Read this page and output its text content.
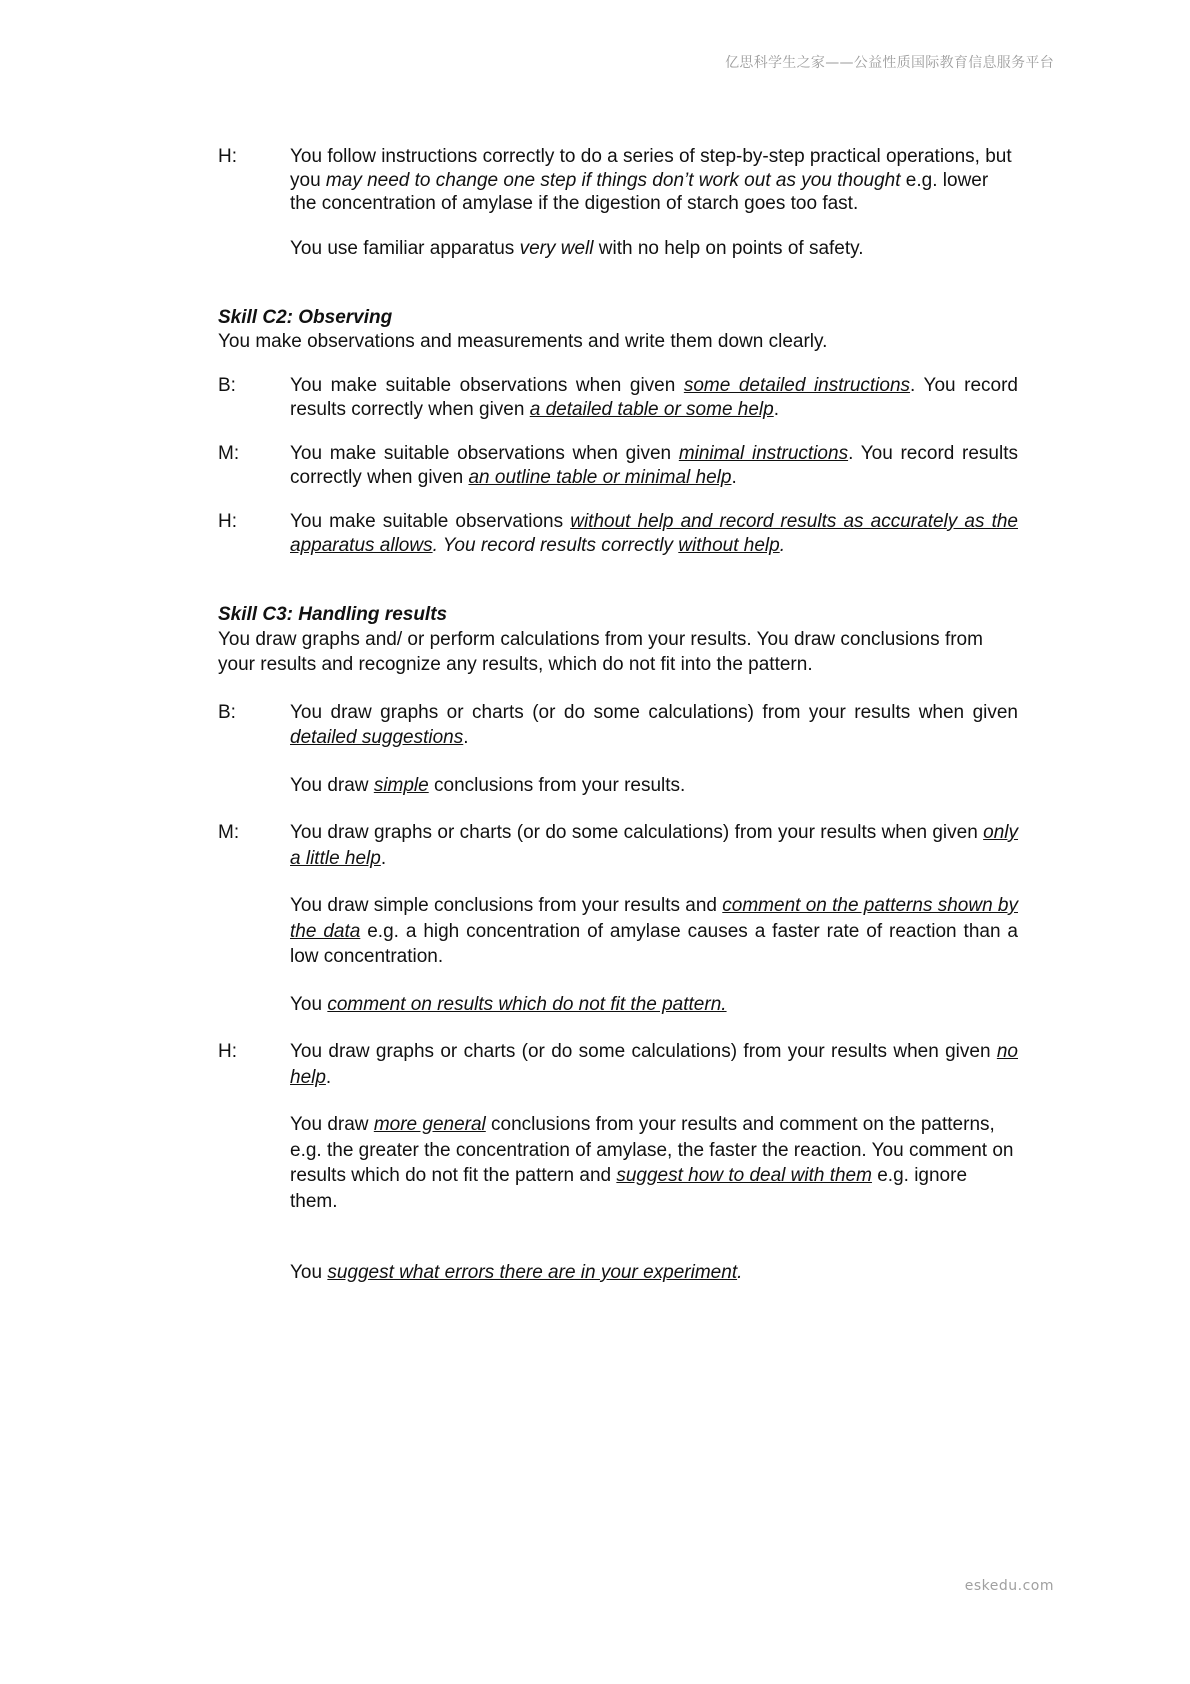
亿思科学生之家——公益性质国际教育信息服务平台
H:	You follow instructions correctly to do a series of step-by-step practical operations, but you may need to change one step if things don’t work out as you thought e.g. lower the concentration of amylase if the digestion of starch goes too fast.

You use familiar apparatus very well with no help on points of safety.

Skill C2: Observing

You make observations and measurements and write them down clearly.

B:	You make suitable observations when given some detailed instructions. You record results correctly when given a detailed table or some help.

M:	You make suitable observations when given minimal instructions. You record results correctly when given an outline table or minimal help.

H:	You make suitable observations without help and record results as accurately as the apparatus allows. You record results correctly without help.

Skill C3: Handling results

You draw graphs and/ or perform calculations from your results. You draw conclusions from your results and recognize any results, which do not fit into the pattern.

B:	You draw graphs or charts (or do some calculations) from your results when given detailed suggestions.

You draw simple conclusions from your results.

M:	You draw graphs or charts (or do some calculations) from your results when given only a little help.

You draw simple conclusions from your results and comment on the patterns shown by the data e.g. a high concentration of amylase causes a faster rate of reaction than a low concentration.

You comment on results which do not fit the pattern.

H:	You draw graphs or charts (or do some calculations) from your results when given no help.

You draw more general conclusions from your results and comment on the patterns, e.g. the greater the concentration of amylase, the faster the reaction. You comment on results which do not fit the pattern and suggest how to deal with them e.g. ignore them.

You suggest what errors there are in your experiment.

eskedu.com
